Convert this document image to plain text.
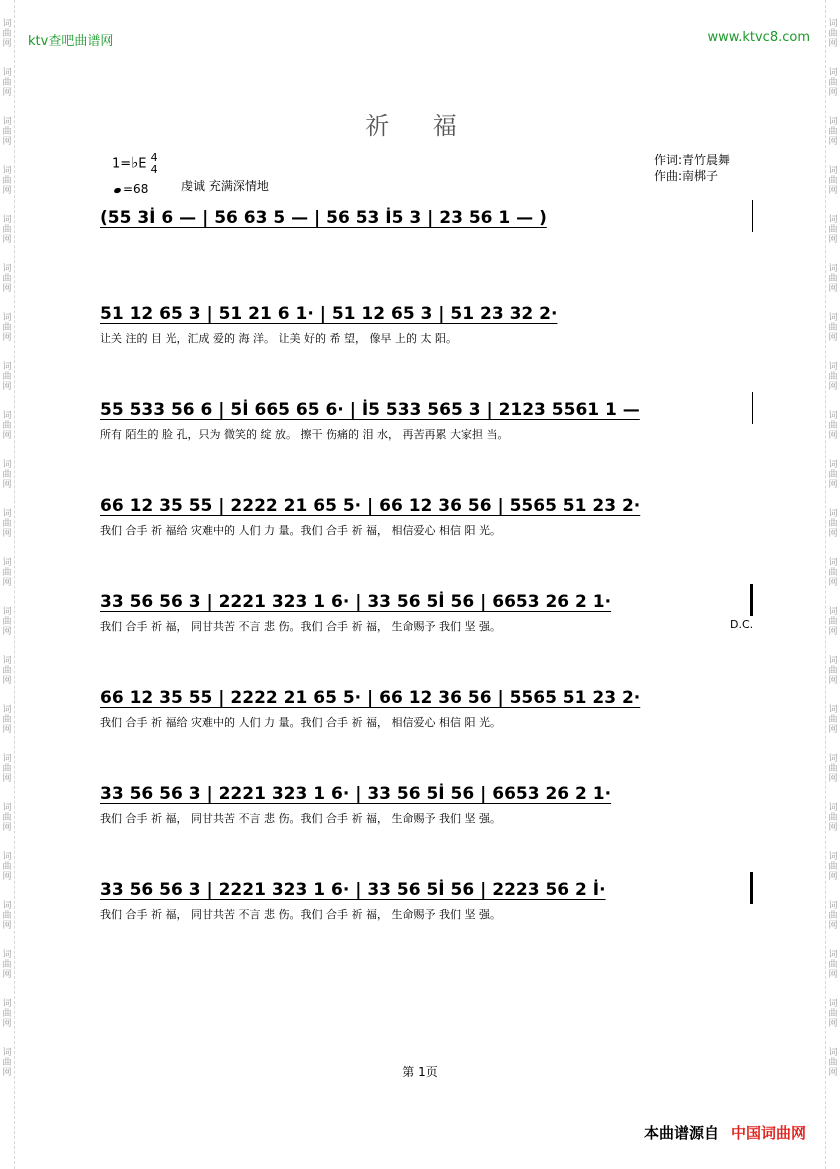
词曲网
词曲网
词曲网
词曲网
词曲网
词曲网
词曲网
词曲网
词曲网
词曲网
词曲网
词曲网
词曲网
词曲网
词曲网
词曲网
词曲网
词曲网
词曲网
词曲网
词曲网
词曲网
词曲网
词曲网
词曲网
词曲网
词曲网
词曲网
词曲网
词曲网
词曲网
词曲网
词曲网
词曲网
词曲网
词曲网
词曲网
词曲网
词曲网
词曲网
词曲网
词曲网
词曲网
词曲网
ktv查吧曲谱网	www.ktvc8.com
祈 福
1=♭E 4
4
=68	虔诚 充满深情地
作词:青竹晨舞
作曲:南梆子
(55 3İ 6 — | 56 63 5 — | 56 53 İ5 3 | 23 56 1 — )
51 12 65 3 | 51 21 6 1· | 51 12 65 3 | 51 23 32 2·
让关 注的 目 光，汇成 爱的 海 洋。 让美 好的 希 望， 像早 上的 太 阳。
55 533 56 6 | 5İ 665 65 6· | İ5 533 565 3 | 2123 5561 1 —
所有 陌生的 脸 孔，只为 微笑的 绽 放。 擦干 伤痛的 泪 水， 再苦再累 大家担 当。
66 12 35 55 | 2222 21 65 5· | 66 12 36 56 | 5565 51 23 2·
我们 合手 祈 福给 灾难中的 人们 力 量。我们 合手 祈 福， 相信爱心 相信 阳 光。
33 56 56 3 | 2221 323 1 6· | 33 56 5İ 56 | 6653 26 2 1·
我们 合手 祈 福， 同甘共苦 不言 悲 伤。我们 合手 祈 福， 生命赐予 我们 坚 强。	D.C.
66 12 35 55 | 2222 21 65 5· | 66 12 36 56 | 5565 51 23 2·
我们 合手 祈 福给 灾难中的 人们 力 量。我们 合手 祈 福， 相信爱心 相信 阳 光。
33 56 56 3 | 2221 323 1 6· | 33 56 5İ 56 | 6653 26 2 1·
我们 合手 祈 福， 同甘共苦 不言 悲 伤。我们 合手 祈 福， 生命赐予 我们 坚 强。
33 56 56 3 | 2221 323 1 6· | 33 56 5İ 56 | 2223 56 2 İ·
我们 合手 祈 福， 同甘共苦 不言 悲 伤。我们 合手 祈 福， 生命赐予 我们 坚 强。
第 1页
本曲谱源自 中国词曲网
